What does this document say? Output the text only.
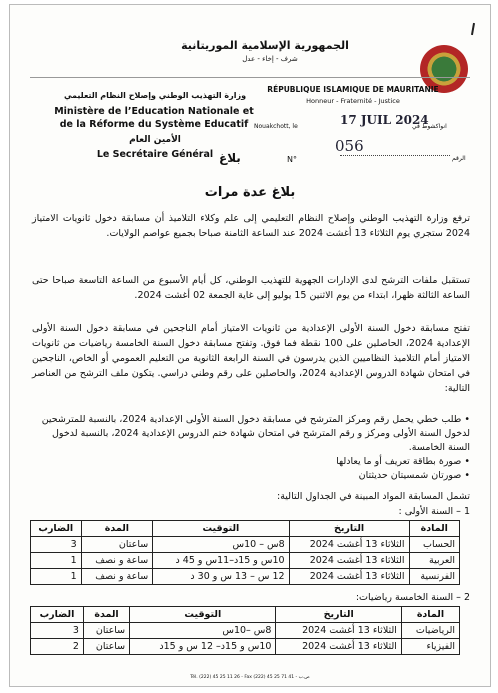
الجمهورية الإسلامية الموريتانية
شرف - إخاء - عدل
وزارة التهذيب الوطني وإصلاح النظام التعليمي
Ministère de l’Education Nationale et de la Réforme du Système Educatif
الأمين العام
Le Secrétaire Général
RÉPUBLIQUE ISLAMIQUE DE MAURITANIE
Honneur - Fraternité - Justice
Nouakchott, le	17 JUIL 2024
انواكشوط في
N°
056
الرقم
بلاغ
بلاغ عدة مرات
ترفع وزارة التهذيب الوطني وإصلاح النظام التعليمي إلى علم وكلاء التلاميذ أن مسابقة دخول ثانويات الامتياز 2024 ستجري يوم الثلاثاء 13 أغشت 2024 عند الساعة الثامنة صباحا بجميع عواصم الولايات.
تستقبل ملفات الترشح لدى الإدارات الجهوية للتهذيب الوطني، كل أيام الأسبوع من الساعة التاسعة صباحا حتى الساعة الثالثة ظهرا، ابتداء من يوم الاثنين 15 يوليو إلى غاية الجمعة 02 أغشت 2024.
تفتح مسابقة دخول السنة الأولى الإعدادية من ثانويات الامتياز أمام الناجحين في مسابقة دخول السنة الأولى الإعدادية 2024، الحاصلين على 100 نقطة فما فوق. وتفتح مسابقة دخول السنة الخامسة رياضيات من ثانويات الامتياز أمام التلاميذ النظاميين الذين يدرسون في السنة الرابعة الثانوية من التعليم العمومي أو الخاص، الناجحين في امتحان شهادة الدروس الإعدادية 2024، والحاصلين على رقم وطني دراسي. يتكون ملف الترشح من العناصر التالية:
• طلب خطي يحمل رقم ومركز المترشح في مسابقة دخول السنة الأولى الإعدادية 2024، بالنسبة للمترشحين لدخول السنة الأولى ومركز و رقم المترشح في امتحان شهادة ختم الدروس الإعدادية 2024، بالنسبة لدخول السنة الخامسة.
• صورة بطاقة تعريف أو ما يعادلها
• صورتان شمسيتان حديثتان
تشمل المسابقة المواد المبينة في الجداول التالية:
1 – السنة الأولى :
المادة	التاريخ	التوقيت	المدة	الضارب
الحساب	الثلاثاء 13 أغشت 2024	8س – 10س	ساعتان	3
العربية	الثلاثاء 13 أغشت 2024	10س و 15د–11س و 45 د	ساعة و نصف	1
الفرنسية	الثلاثاء 13 أغشت 2024	12 س – 13 س و 30 د	ساعة و نصف	1
2 – السنة الخامسة رياضيات:
المادة	التاريخ	التوقيت	المدة	الضارب
الرياضيات	الثلاثاء 13 أغشت 2024	8س –10س	ساعتان	3
الفيزياء	الثلاثاء 13 أغشت 2024	10س و 15د– 12 س و 15د	ساعتان	2
Tél. (222) 45 25 11 26 - Fax (222) 45 25 71 41 - ص.ب
